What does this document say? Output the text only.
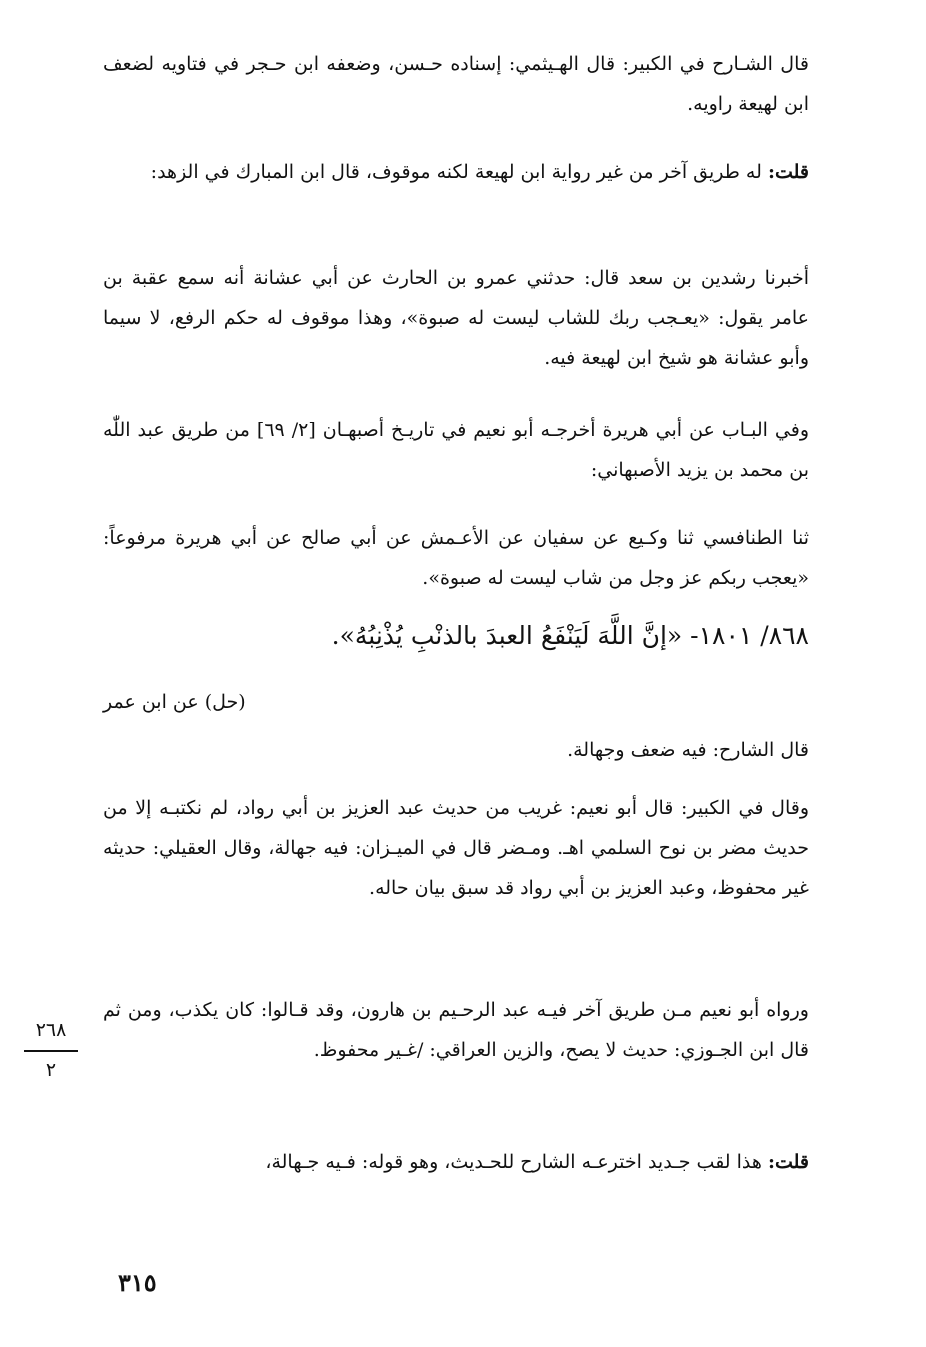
قال الشـارح في الكبير: قال الهـيثمي: إسناده حـسن، وضعفه ابن حـجر في فتاويه لضعف ابن لهيعة راويه.

قلت: له طريق آخر من غير رواية ابن لهيعة لكنه موقوف، قال ابن المبارك في الزهد:

أخبرنا رشدين بن سعد قال: حدثني عمرو بن الحارث عن أبي عشانة أنه سمع عقبة بن عامر يقول: «يعـجب ربك للشاب ليست له صبوة»، وهذا موقوف له حكم الرفع، لا سيما وأبو عشانة هو شيخ ابن لهيعة فيه.

وفي البـاب عن أبي هريرة أخرجـه أبو نعيم في تاريـخ أصبهـان [٢/ ٦٩] من طريق عبد اللّٰه بن محمد بن يزيد الأصبهاني:

ثنا الطنافسي ثنا وكـيع عن سفيان عن الأعـمش عن أبي صالح عن أبي هريرة مرفوعاً: «يعجب ربكم عز وجل من شاب ليست له صبوة».

٨٦٨/ ١٨٠١- «إنَّ اللَّهَ لَيَنْفَعُ العبدَ بالذنْبِ يُذْنِبُهُ».

(حل) عن ابن عمر

قال الشارح: فيه ضعف وجهالة.

وقال في الكبير: قال أبو نعيم: غريب من حديث عبد العزيز بن أبي رواد، لم نكتبـه إلا من حديث مضر بن نوح السلمي اهـ. ومـضر قال في الميـزان: فيه جهالة، وقال العقيلي: حديثه غير محفوظ، وعبد العزيز بن أبي رواد قد سبق بيان حاله.

ورواه أبو نعيم مـن طريق آخر فيـه عبد الرحـيم بن هارون، وقد قـالوا: كان يكذب، ومن ثم قال ابن الجـوزي: حديث لا يصح، والزين العراقي: /غـير محفوظ.

قلت: هذا لقب جـديد اخترعـه الشارح للحـديث، وهو قوله: فـيه جـهالة،

٢٦٨
٢
٣١٥
